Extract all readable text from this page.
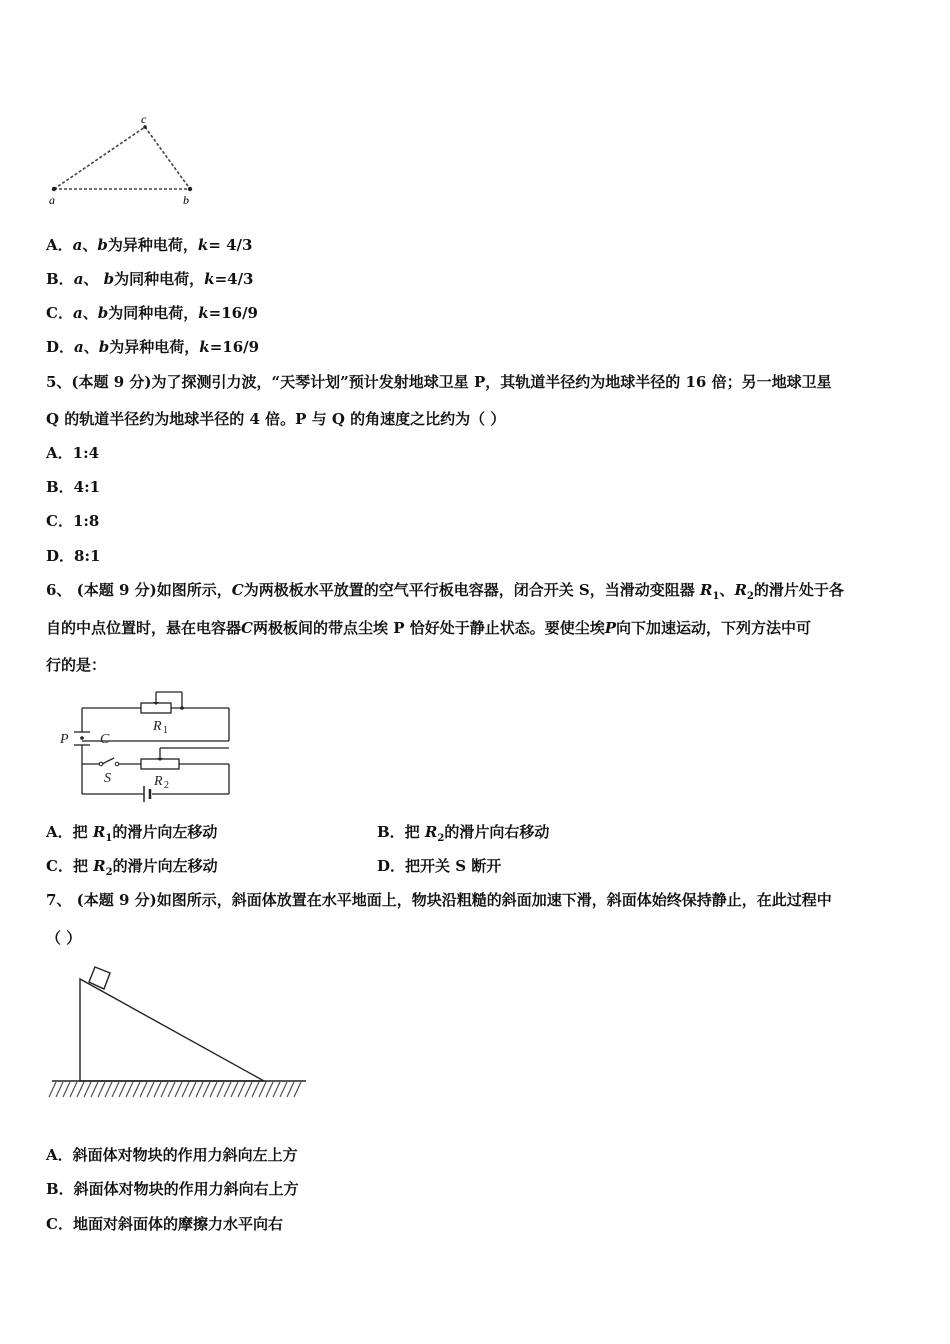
a	b
c
A．a、b为异种电荷，k= 4/3
B．a、 b为同种电荷，k=4/3
C．a、b为同种电荷，k=16/9
D．a、b为异种电荷，k=16/9
5、(本题 9 分)为了探测引力波，“天琴计划”预计发射地球卫星 P，其轨道半径约为地球半径的 16 倍；另一地球卫星
Q 的轨道半径约为地球半径的 4 倍。P 与 Q 的角速度之比约为（ ）
A．1:4
B．4:1
C．1:8
D．8:1
6、 (本题 9 分)如图所示，C为两极板水平放置的空气平行板电容器，闭合开关 S，当滑动变阻器 $R_1$、$R_2$的滑片处于各
自的中点位置时，悬在电容器C两极板间的带点尘埃 P 恰好处于静止状态。要使尘埃P向下加速运动，下列方法中可
行的是：
P C
S
R
R
1
2
A．把 $R_1$的滑片向左移动	B．把 $R_2$的滑片向右移动
C．把 $R_2$的滑片向左移动	D．把开关 S 断开
7、 (本题 9 分)如图所示，斜面体放置在水平地面上，物块沿粗糙的斜面加速下滑，斜面体始终保持静止，在此过程中
（ ）
A．斜面体对物块的作用力斜向左上方
B．斜面体对物块的作用力斜向右上方
C．地面对斜面体的摩擦力水平向右
